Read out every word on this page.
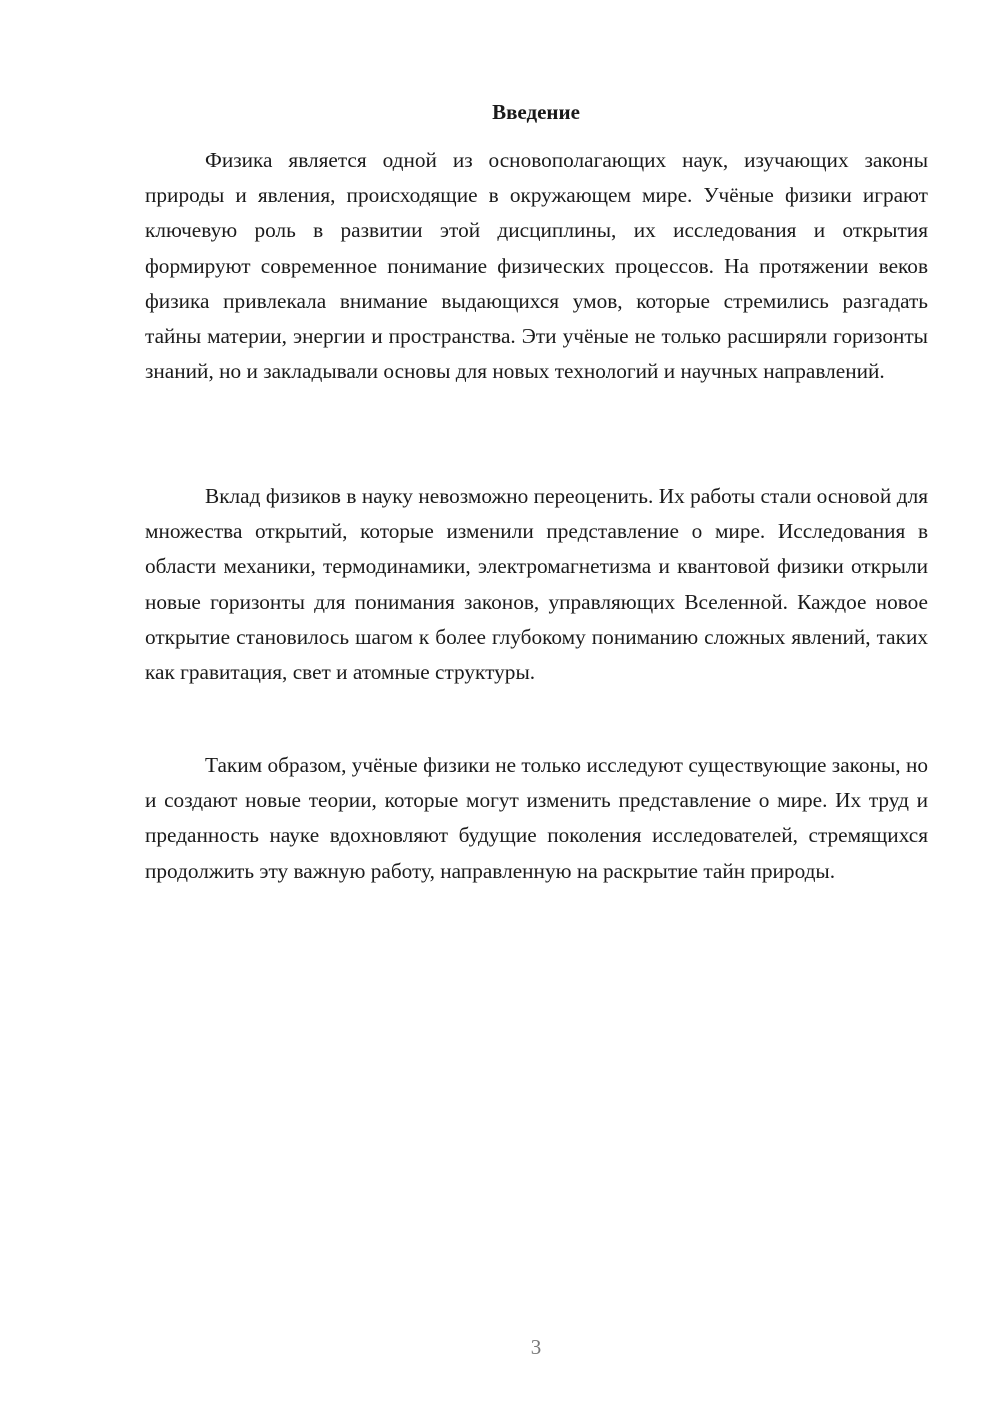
Введение

Физика является одной из основополагающих наук, изучающих законы природы и явления, происходящие в окружающем мире. Учёные физики играют ключевую роль в развитии этой дисциплины, их исследования и открытия формируют современное понимание физических процессов. На протяжении веков физика привлекала внимание выдающихся умов, которые стремились разгадать тайны материи, энергии и пространства. Эти учёные не только расширяли горизонты знаний, но и закладывали основы для новых технологий и научных направлений.

Вклад физиков в науку невозможно переоценить. Их работы стали основой для множества открытий, которые изменили представление о мире. Исследования в области механики, термодинамики, электромагнетизма и квантовой физики открыли новые горизонты для понимания законов, управляющих Вселенной. Каждое новое открытие становилось шагом к более глубокому пониманию сложных явлений, таких как гравитация, свет и атомные структуры.

Таким образом, учёные физики не только исследуют существующие законы, но и создают новые теории, которые могут изменить представление о мире. Их труд и преданность науке вдохновляют будущие поколения исследователей, стремящихся продолжить эту важную работу, направленную на раскрытие тайн природы.

3
